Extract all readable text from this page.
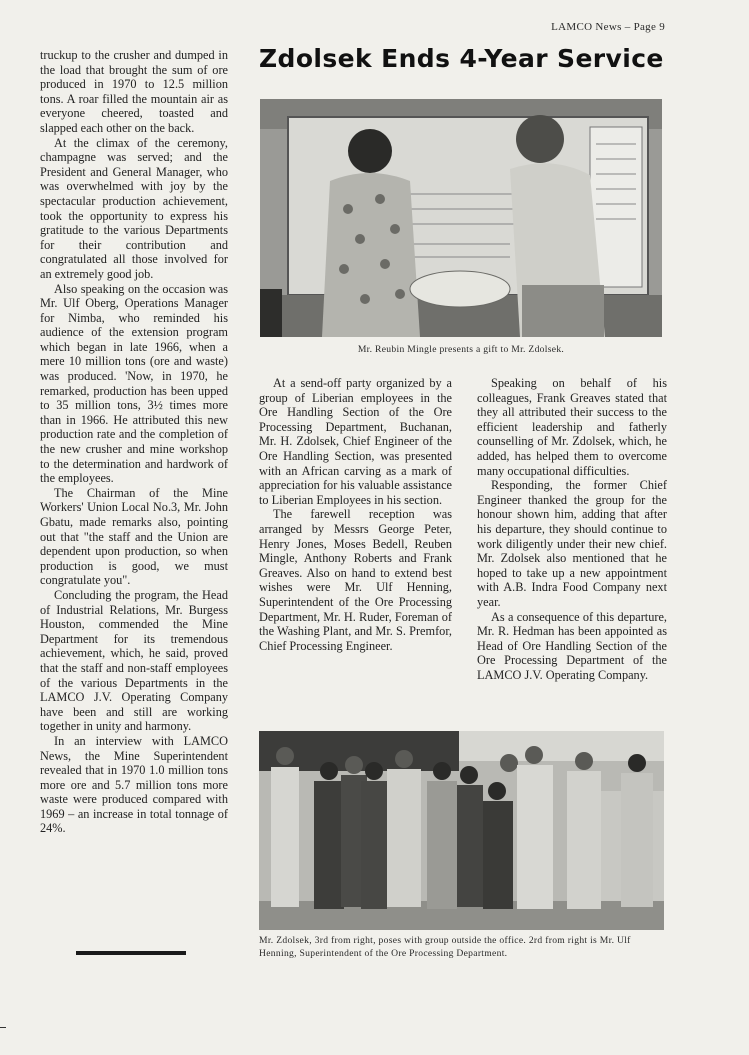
LAMCO News – Page 9

truckup to the crusher and dumped in the load that brought the sum of ore produced in 1970 to 12.5 million tons. A roar filled the mountain air as everyone cheered, toasted and slapped each other on the back.

At the climax of the ceremony, champagne was served; and the President and General Manager, who was overwhelmed with joy by the spectacular production achievement, took the opportunity to express his gratitude to the various Departments for their contribution and congratulated all those involved for an extremely good job.

Also speaking on the occasion was Mr. Ulf Oberg, Operations Manager for Nimba, who reminded his audience of the extension program which began in late 1966, when a mere 10 million tons (ore and waste) was produced. 'Now, in 1970, he remarked, production has been upped to 35 million tons, 3½ times more than in 1966. He attributed this new production rate and the completion of the new crusher and mine workshop to the determination and hardwork of the employees.

The Chairman of the Mine Workers' Union Local No.3, Mr. John Gbatu, made remarks also, pointing out that "the staff and the Union are dependent upon production, so when production is good, we must congratulate you".

Concluding the program, the Head of Industrial Relations, Mr. Burgess Houston, commended the Mine Department for its tremendous achievement, which, he said, proved that the staff and non-staff employees of the various Departments in the LAMCO J.V. Operating Company have been and still are working together in unity and harmony.

In an interview with LAMCO News, the Mine Superintendent revealed that in 1970 1.0 million tons more ore and 5.7 million tons more waste were produced compared with 1969 – an increase in total tonnage of 24%.

Zdolsek Ends 4-Year Service
Mr. Reubin Mingle presents a gift to Mr. Zdolsek.

At a send-off party organized by a group of Liberian employees in the Ore Handling Section of the Ore Processing Department, Buchanan, Mr. H. Zdolsek, Chief Engineer of the Ore Handling Section, was presented with an African carving as a mark of appreciation for his valuable assistance to Liberian Employees in his section.

The farewell reception was arranged by Messrs George Peter, Henry Jones, Moses Bedell, Reuben Mingle, Anthony Roberts and Frank Greaves. Also on hand to extend best wishes were Mr. Ulf Henning, Superintendent of the Ore Processing Department, Mr. H. Ruder, Foreman of the Washing Plant, and Mr. S. Premfor, Chief Processing Engineer.

Speaking on behalf of his colleagues, Frank Greaves stated that they all attributed their success to the efficient leadership and fatherly counselling of Mr. Zdolsek, which, he added, has helped them to overcome many occupational difficulties.

Responding, the former Chief Engineer thanked the group for the honour shown him, adding that after his departure, they should continue to work diligently under their new chief. Mr. Zdolsek also mentioned that he hoped to take up a new appointment with A.B. Indra Food Company next year.

As a consequence of this departure, Mr. R. Hedman has been appointed as Head of Ore Handling Section of the Ore Processing Department of the LAMCO J.V. Operating Company.

Mr. Zdolsek, 3rd from right, poses with group outside the office. 2rd from right is Mr. Ulf Henning, Superintendent of the Ore Processing Department.
